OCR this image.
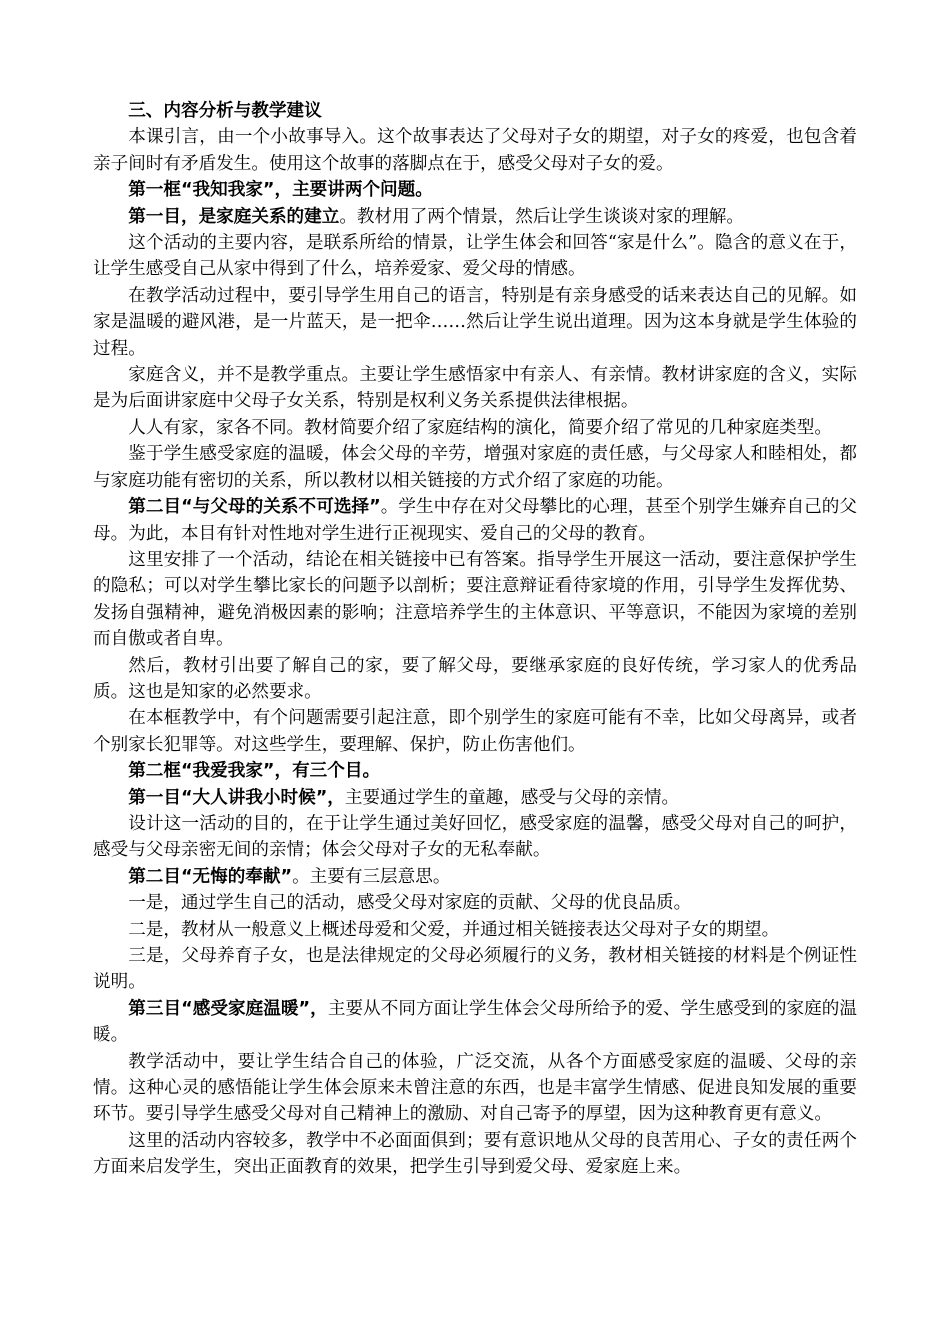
三、内容分析与教学建议

本课引言，由一个小故事导入。这个故事表达了父母对子女的期望，对子女的疼爱，也包含着亲子间时有矛盾发生。使用这个故事的落脚点在于，感受父母对子女的爱。

第一框“我知我家”，主要讲两个问题。

第一目，是家庭关系的建立。教材用了两个情景，然后让学生谈谈对家的理解。

这个活动的主要内容，是联系所给的情景，让学生体会和回答“家是什么”。隐含的意义在于，让学生感受自己从家中得到了什么，培养爱家、爱父母的情感。

在教学活动过程中，要引导学生用自己的语言，特别是有亲身感受的话来表达自己的见解。如家是温暖的避风港，是一片蓝天，是一把伞……然后让学生说出道理。因为这本身就是学生体验的过程。

家庭含义，并不是教学重点。主要让学生感悟家中有亲人、有亲情。教材讲家庭的含义，实际是为后面讲家庭中父母子女关系，特别是权利义务关系提供法律根据。

人人有家，家各不同。教材简要介绍了家庭结构的演化，简要介绍了常见的几种家庭类型。

鉴于学生感受家庭的温暖，体会父母的辛劳，增强对家庭的责任感，与父母家人和睦相处，都与家庭功能有密切的关系，所以教材以相关链接的方式介绍了家庭的功能。

第二目“与父母的关系不可选择”。学生中存在对父母攀比的心理，甚至个别学生嫌弃自己的父母。为此，本目有针对性地对学生进行正视现实、爱自己的父母的教育。

这里安排了一个活动，结论在相关链接中已有答案。指导学生开展这一活动，要注意保护学生的隐私；可以对学生攀比家长的问题予以剖析；要注意辩证看待家境的作用，引导学生发挥优势、发扬自强精神，避免消极因素的影响；注意培养学生的主体意识、平等意识，不能因为家境的差别而自傲或者自卑。

然后，教材引出要了解自己的家，要了解父母，要继承家庭的良好传统，学习家人的优秀品质。这也是知家的必然要求。

在本框教学中，有个问题需要引起注意，即个别学生的家庭可能有不幸，比如父母离异，或者个别家长犯罪等。对这些学生，要理解、保护，防止伤害他们。

第二框“我爱我家”，有三个目。

第一目“大人讲我小时候”，主要通过学生的童趣，感受与父母的亲情。

设计这一活动的目的，在于让学生通过美好回忆，感受家庭的温馨，感受父母对自己的呵护，感受与父母亲密无间的亲情；体会父母对子女的无私奉献。

第二目“无悔的奉献”。主要有三层意思。

一是，通过学生自己的活动，感受父母对家庭的贡献、父母的优良品质。

二是，教材从一般意义上概述母爱和父爱，并通过相关链接表达父母对子女的期望。

三是，父母养育子女，也是法律规定的父母必须履行的义务，教材相关链接的材料是个例证性说明。

第三目“感受家庭温暖”，主要从不同方面让学生体会父母所给予的爱、学生感受到的家庭的温暖。

教学活动中，要让学生结合自己的体验，广泛交流，从各个方面感受家庭的温暖、父母的亲情。这种心灵的感悟能让学生体会原来未曾注意的东西，也是丰富学生情感、促进良知发展的重要环节。要引导学生感受父母对自己精神上的激励、对自己寄予的厚望，因为这种教育更有意义。

这里的活动内容较多，教学中不必面面俱到；要有意识地从父母的良苦用心、子女的责任两个方面来启发学生，突出正面教育的效果，把学生引导到爱父母、爱家庭上来。
